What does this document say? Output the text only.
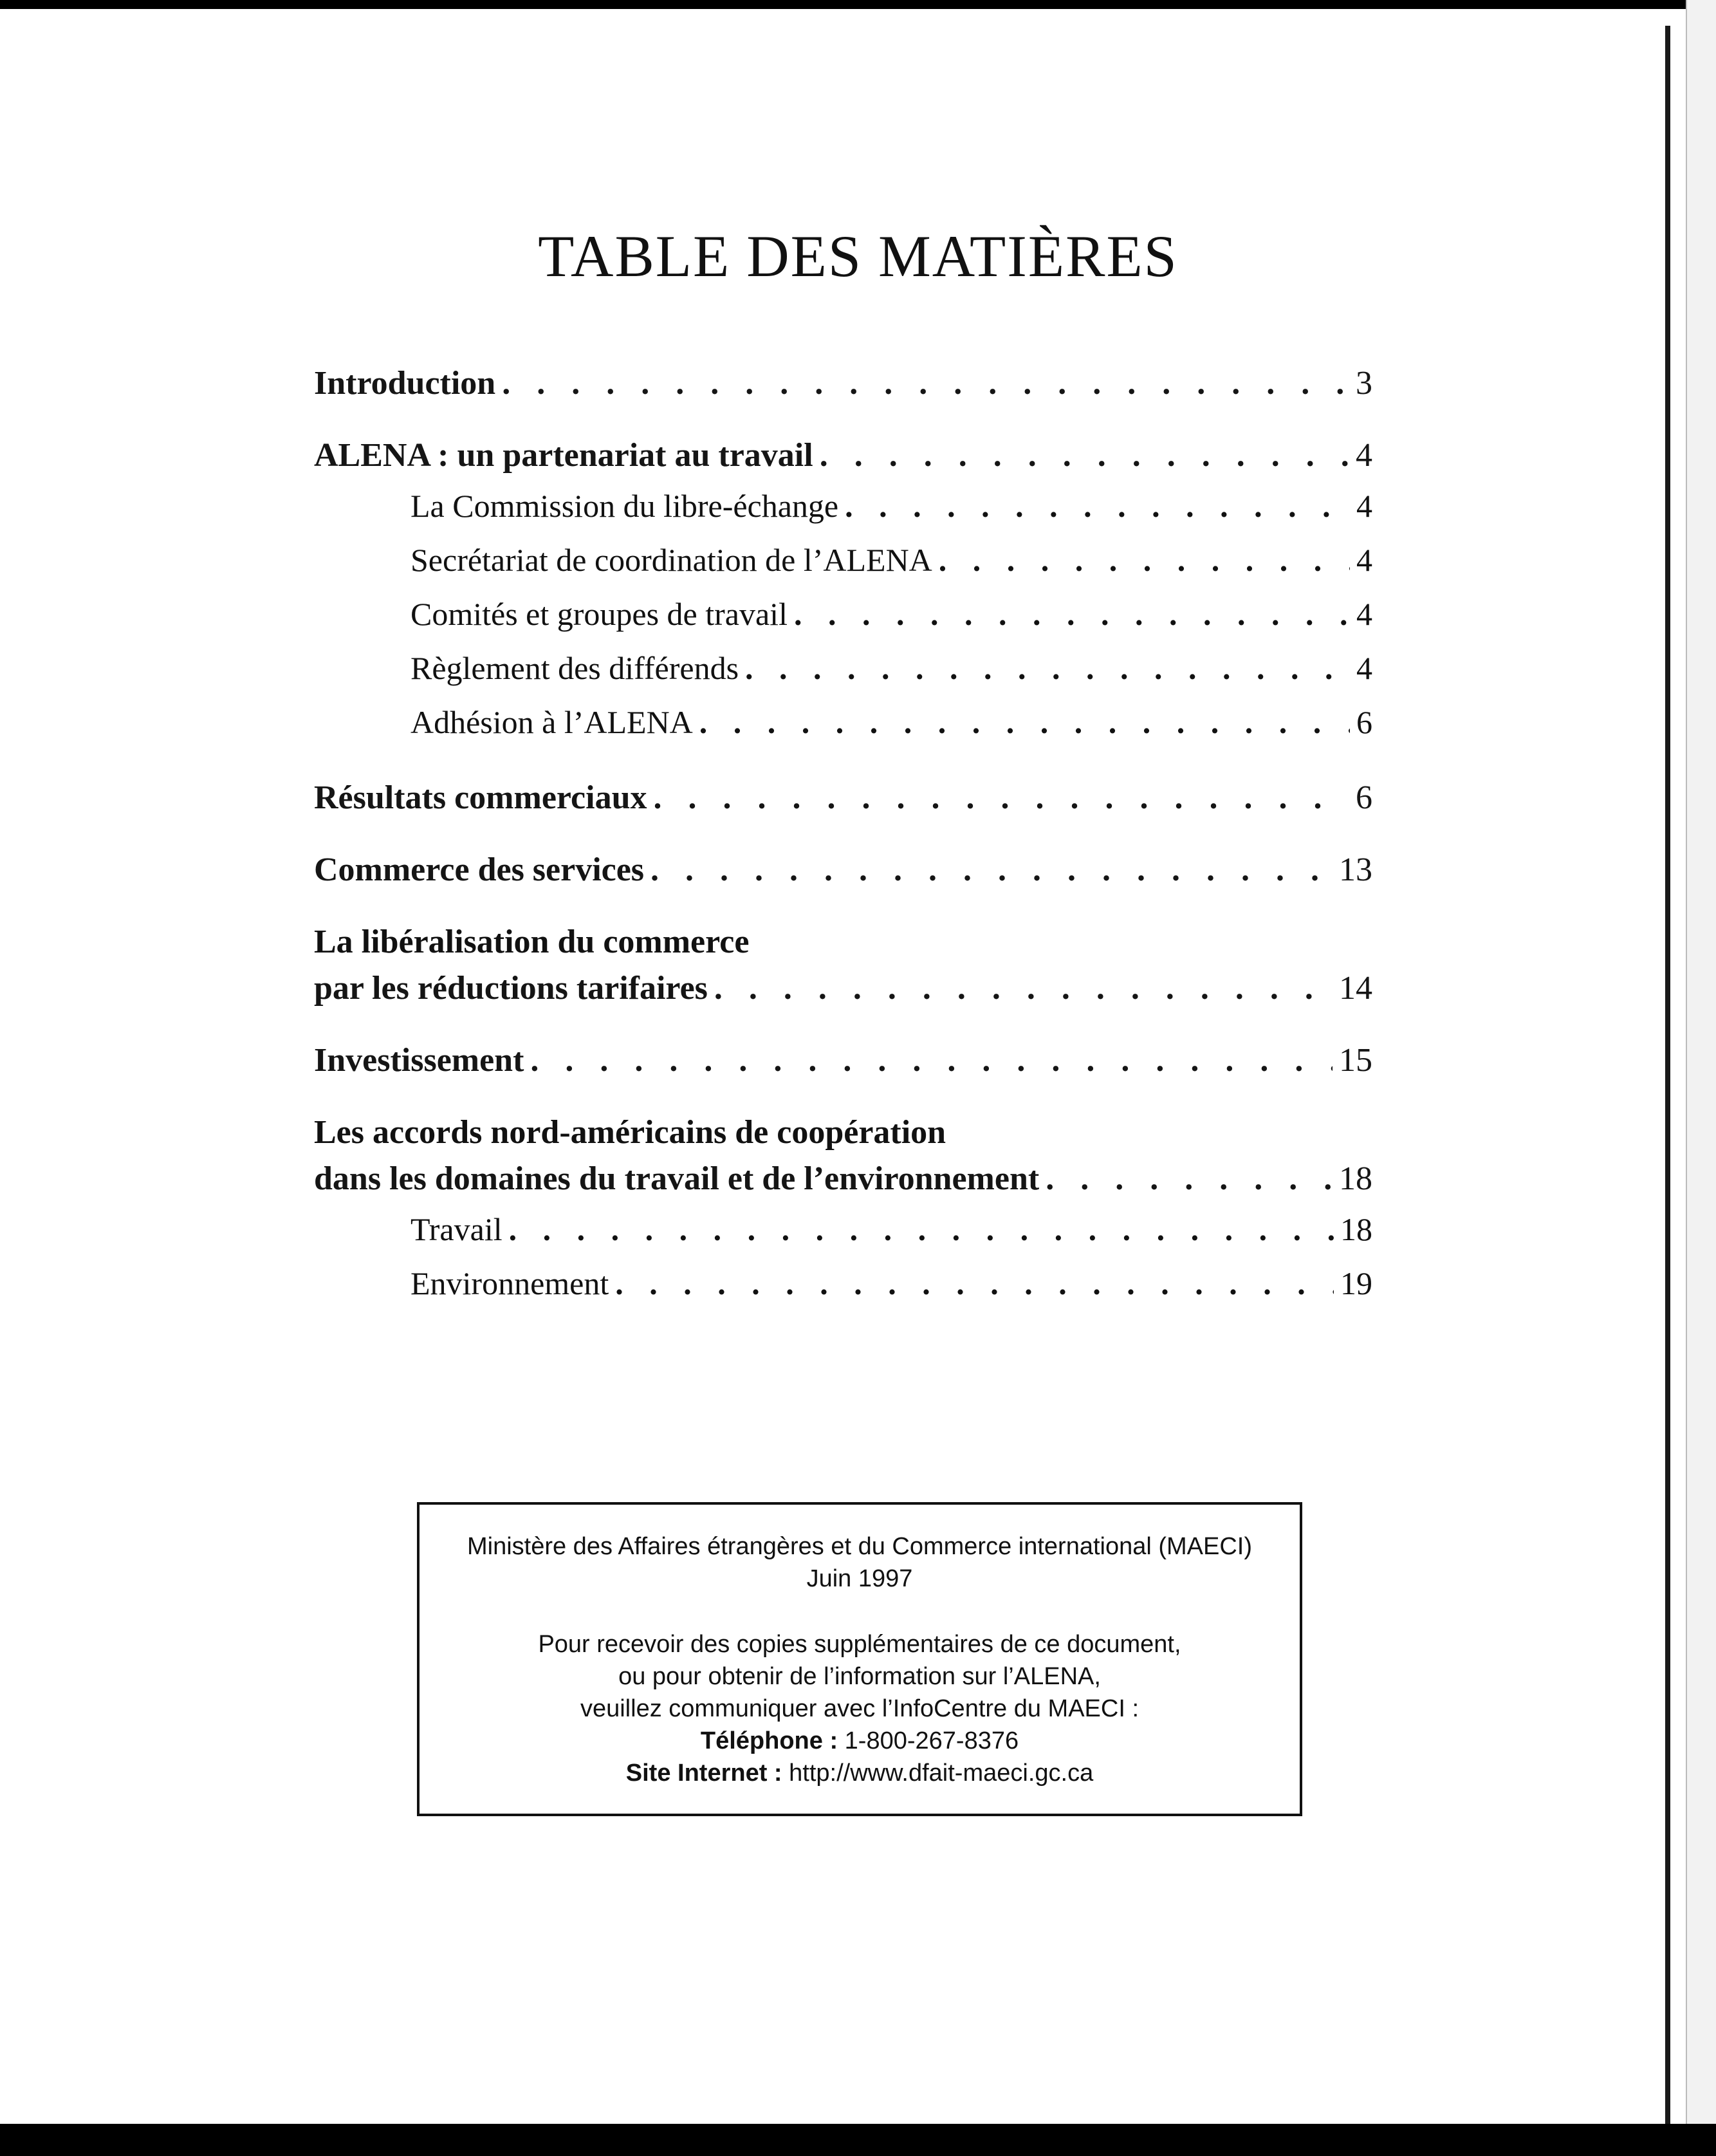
TABLE DES MATIÈRES
Introduction . . .	3
ALENA : un partenariat au travail . . .	4
La Commission du libre-échange . . .	4
Secrétariat de coordination de l’ALENA . . .	4
Comités et groupes de travail . . .	4
Règlement des différends . . .	4
Adhésion à l’ALENA . . .	6
Résultats commerciaux . . .	6
Commerce des services . . .	13
La libéralisation du commerce
par les réductions tarifaires . . .	14
Investissement . . .	15
Les accords nord-américains de coopération
dans les domaines du travail et de l’environnement . . .	18
Travail . . .	18
Environnement . . .	19

Ministère des Affaires étrangères et du Commerce international (MAECI)

Juin 1997

Pour recevoir des copies supplémentaires de ce document,

ou pour obtenir de l’information sur l’ALENA,

veuillez communiquer avec l’InfoCentre du MAECI :

Téléphone : 1-800-267-8376

Site Internet : http://www.dfait-maeci.gc.ca
